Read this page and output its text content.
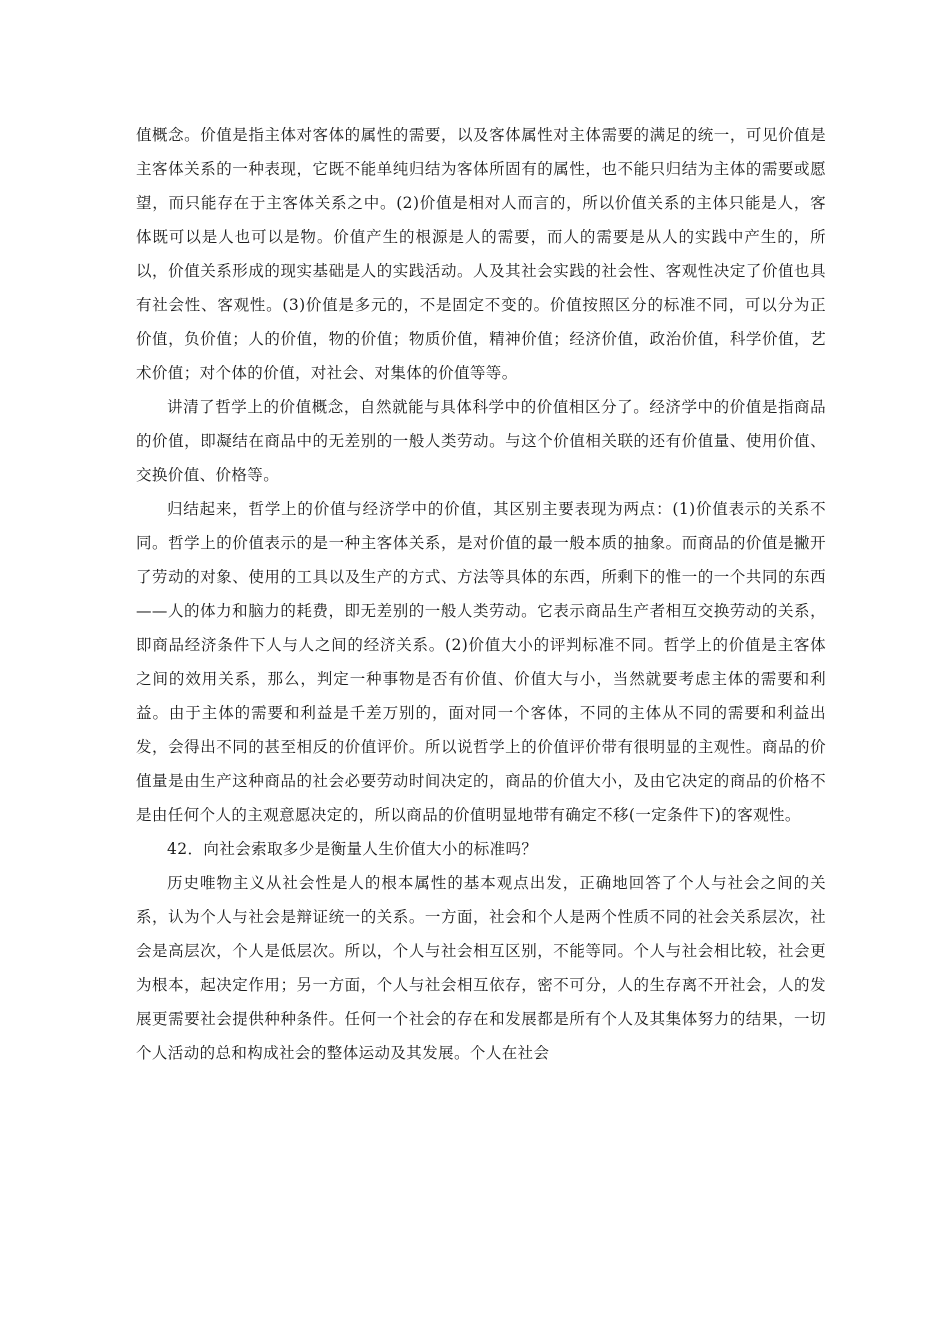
值概念。价值是指主体对客体的属性的需要，以及客体属性对主体需要的满足的统一，可见价值是主客体关系的一种表现，它既不能单纯归结为客体所固有的属性，也不能只归结为主体的需要或愿望，而只能存在于主客体关系之中。(2)价值是相对人而言的，所以价值关系的主体只能是人，客体既可以是人也可以是物。价值产生的根源是人的需要，而人的需要是从人的实践中产生的，所以，价值关系形成的现实基础是人的实践活动。人及其社会实践的社会性、客观性决定了价值也具有社会性、客观性。(3)价值是多元的，不是固定不变的。价值按照区分的标准不同，可以分为正价值，负价值；人的价值，物的价值；物质价值，精神价值；经济价值，政治价值，科学价值，艺术价值；对个体的价值，对社会、对集体的价值等等。

讲清了哲学上的价值概念，自然就能与具体科学中的价值相区分了。经济学中的价值是指商品的价值，即凝结在商品中的无差别的一般人类劳动。与这个价值相关联的还有价值量、使用价值、交换价值、价格等。

归结起来，哲学上的价值与经济学中的价值，其区别主要表现为两点：(1)价值表示的关系不同。哲学上的价值表示的是一种主客体关系，是对价值的最一般本质的抽象。而商品的价值是撇开了劳动的对象、使用的工具以及生产的方式、方法等具体的东西，所剩下的惟一的一个共同的东西——人的体力和脑力的耗费，即无差别的一般人类劳动。它表示商品生产者相互交换劳动的关系，即商品经济条件下人与人之间的经济关系。(2)价值大小的评判标准不同。哲学上的价值是主客体之间的效用关系，那么，判定一种事物是否有价值、价值大与小，当然就要考虑主体的需要和利益。由于主体的需要和利益是千差万别的，面对同一个客体，不同的主体从不同的需要和利益出发，会得出不同的甚至相反的价值评价。所以说哲学上的价值评价带有很明显的主观性。商品的价值量是由生产这种商品的社会必要劳动时间决定的，商品的价值大小，及由它决定的商品的价格不是由任何个人的主观意愿决定的，所以商品的价值明显地带有确定不移(一定条件下)的客观性。

42．向社会索取多少是衡量人生价值大小的标准吗？

历史唯物主义从社会性是人的根本属性的基本观点出发，正确地回答了个人与社会之间的关系，认为个人与社会是辩证统一的关系。一方面，社会和个人是两个性质不同的社会关系层次，社会是高层次，个人是低层次。所以，个人与社会相互区别，不能等同。个人与社会相比较，社会更为根本，起决定作用；另一方面，个人与社会相互依存，密不可分，人的生存离不开社会，人的发展更需要社会提供种种条件。任何一个社会的存在和发展都是所有个人及其集体努力的结果，一切个人活动的总和构成社会的整体运动及其发展。个人在社会
